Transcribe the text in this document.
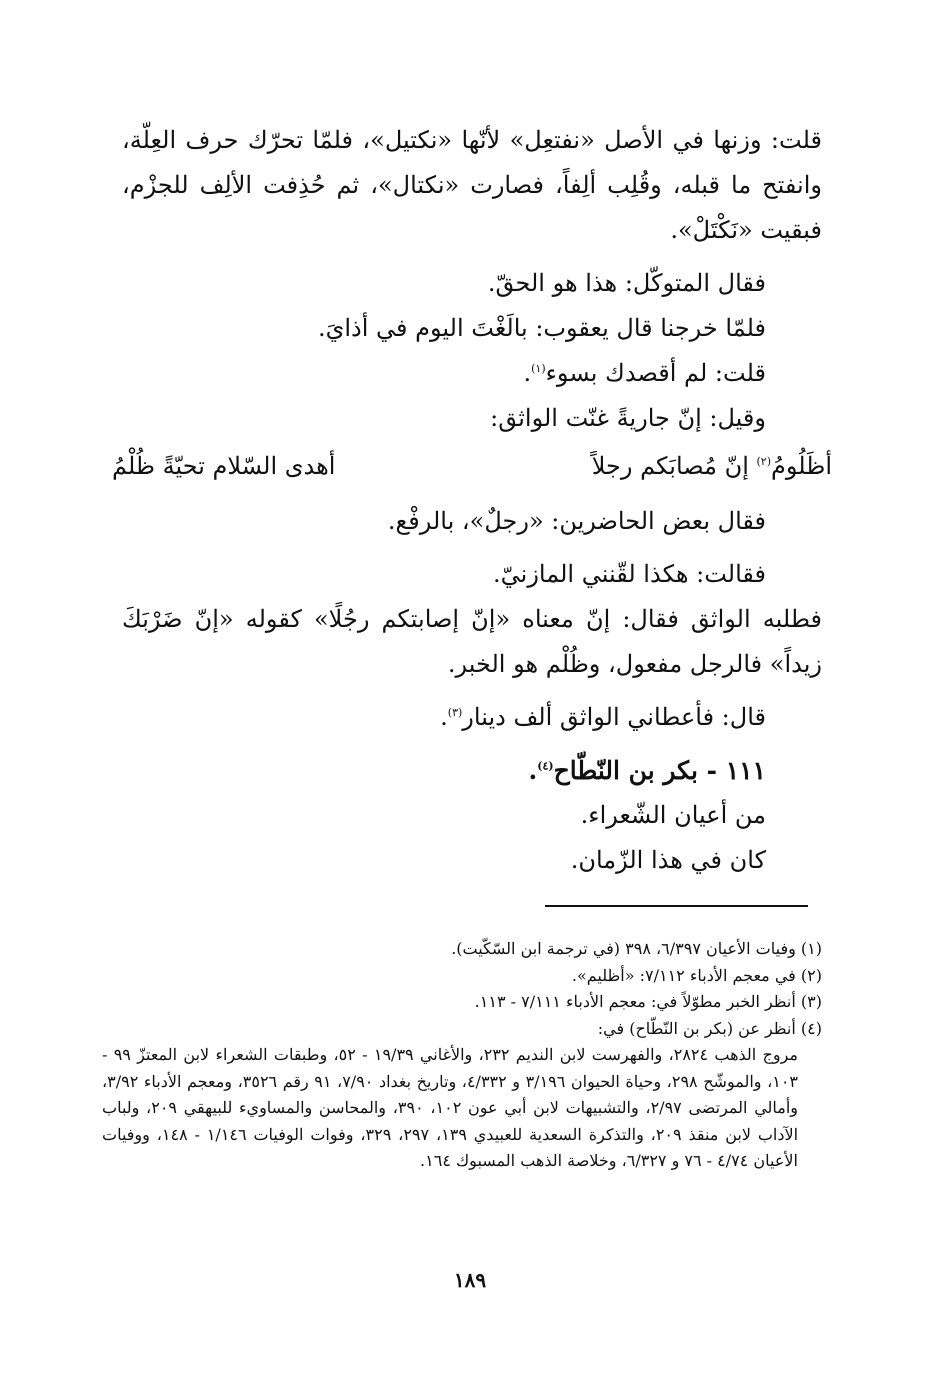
قلت: وزنها في الأصل «نفتعِل» لأنّها «نكتيل»، فلمّا تحرّك حرف العِلّة، وانفتح ما قبله، وقُلِب ألِفاً، فصارت «نكتال»، ثم حُذِفت الألِف للجزْم، فبقيت «نَكْتَلْ».

فقال المتوكّل: هذا هو الحقّ.

فلمّا خرجنا قال يعقوب: بالَغْتَ اليوم في أذايَ.

قلت: لم أقصدك بسوء$^{(١)}$.

وقيل: إنّ جاريةً غنّت الواثق:

أظَلُومُ$^{(٢)}$ إنّ مُصابَكم رجلاً
أهدى السّلام تحيّةً ظُلْمُ

فقال بعض الحاضرين: «رجلٌ»، بالرفْع.

فقالت: هكذا لقّنني المازنيّ.

فطلبه الواثق فقال: إنّ معناه «إنّ إصابتكم رجُلًا» كقوله «إنّ ضَرْبَكَ زيداً» فالرجل مفعول، وظُلْم هو الخبر.

قال: فأعطاني الواثق ألف دينار$^{(٣)}$.

١١١ - بكر بن النّطّاح$^{(٤)}$.

من أعيان الشّعراء.

كان في هذا الزّمان.

(١) وفيات الأعيان ٦/٣٩٧، ٣٩٨ (في ترجمة ابن السّكّيت).

(٢) في معجم الأدباء ٧/١١٢: «أظليم».

(٣) أنظر الخبر مطوّلاً في: معجم الأدباء ٧/١١١ - ١١٣.

(٤) أنظر عن (بكر بن النّطّاح) في:

مروج الذهب ٢٨٢٤، والفهرست لابن النديم ٢٣٢، والأغاني ١٩/٣٩ - ٥٢، وطبقات الشعراء لابن المعتزّ ٩٩ - ١٠٣، والموشّح ٢٩٨، وحياة الحيوان ٣/١٩٦ و ٤/٣٣٢، وتاريخ بغداد ٧/٩٠، ٩١ رقم ٣٥٢٦، ومعجم الأدباء ٣/٩٢، وأمالي المرتضى ٢/٩٧، والتشبيهات لابن أبي عون ١٠٢، ٣٩٠، والمحاسن والمساويء للبيهقي ٢٠٩، ولباب الآداب لابن منقذ ٢٠٩، والتذكرة السعدية للعبيدي ١٣٩، ٢٩٧، ٣٢٩، وفوات الوفيات ١/١٤٦ - ١٤٨، ووفيات الأعيان ٤/٧٤ - ٧٦ و ٦/٣٢٧، وخلاصة الذهب المسبوك ١٦٤.

١٨٩
